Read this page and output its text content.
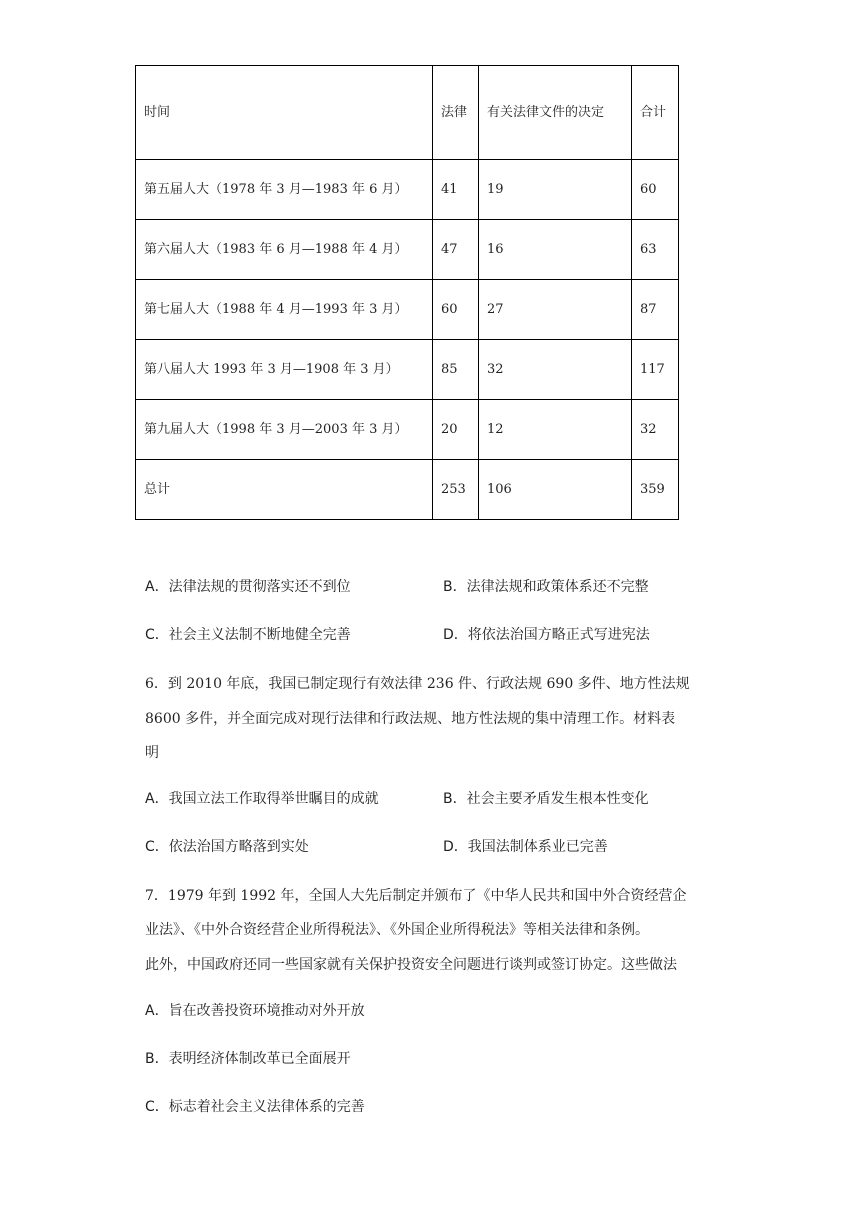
时间	法律	有关法律文件的决定	合计
第五届人大（1978 年 3 月—1983 年 6 月）	41	19	60
第六届人大（1983 年 6 月—1988 年 4 月）	47	16	63
第七届人大（1988 年 4 月—1993 年 3 月）	60	27	87
第八届人大 1993 年 3 月—1908 年 3 月）	85	32	117
第九届人大（1998 年 3 月—2003 年 3 月）	20	12	32
总计	253	106	359
A．法律法规的贯彻落实还不到位	B．法律法规和政策体系还不完整
C．社会主义法制不断地健全完善	D．将依法治国方略正式写进宪法
6．到 2010 年底，我国已制定现行有效法律 236 件、行政法规 690 多件、地方性法规
8600 多件，并全面完成对现行法律和行政法规、地方性法规的集中清理工作。材料表
明
A．我国立法工作取得举世瞩目的成就	B．社会主要矛盾发生根本性变化
C．依法治国方略落到实处	D．我国法制体系业已完善
7．1979 年到 1992 年，全国人大先后制定并颁布了《中华人民共和国中外合资经营企
业法》、《中外合资经营企业所得税法》、《外国企业所得税法》等相关法律和条例。
此外，中国政府还同一些国家就有关保护投资安全问题进行谈判或签订协定。这些做法
A．旨在改善投资环境推动对外开放
B．表明经济体制改革已全面展开
C．标志着社会主义法律体系的完善
